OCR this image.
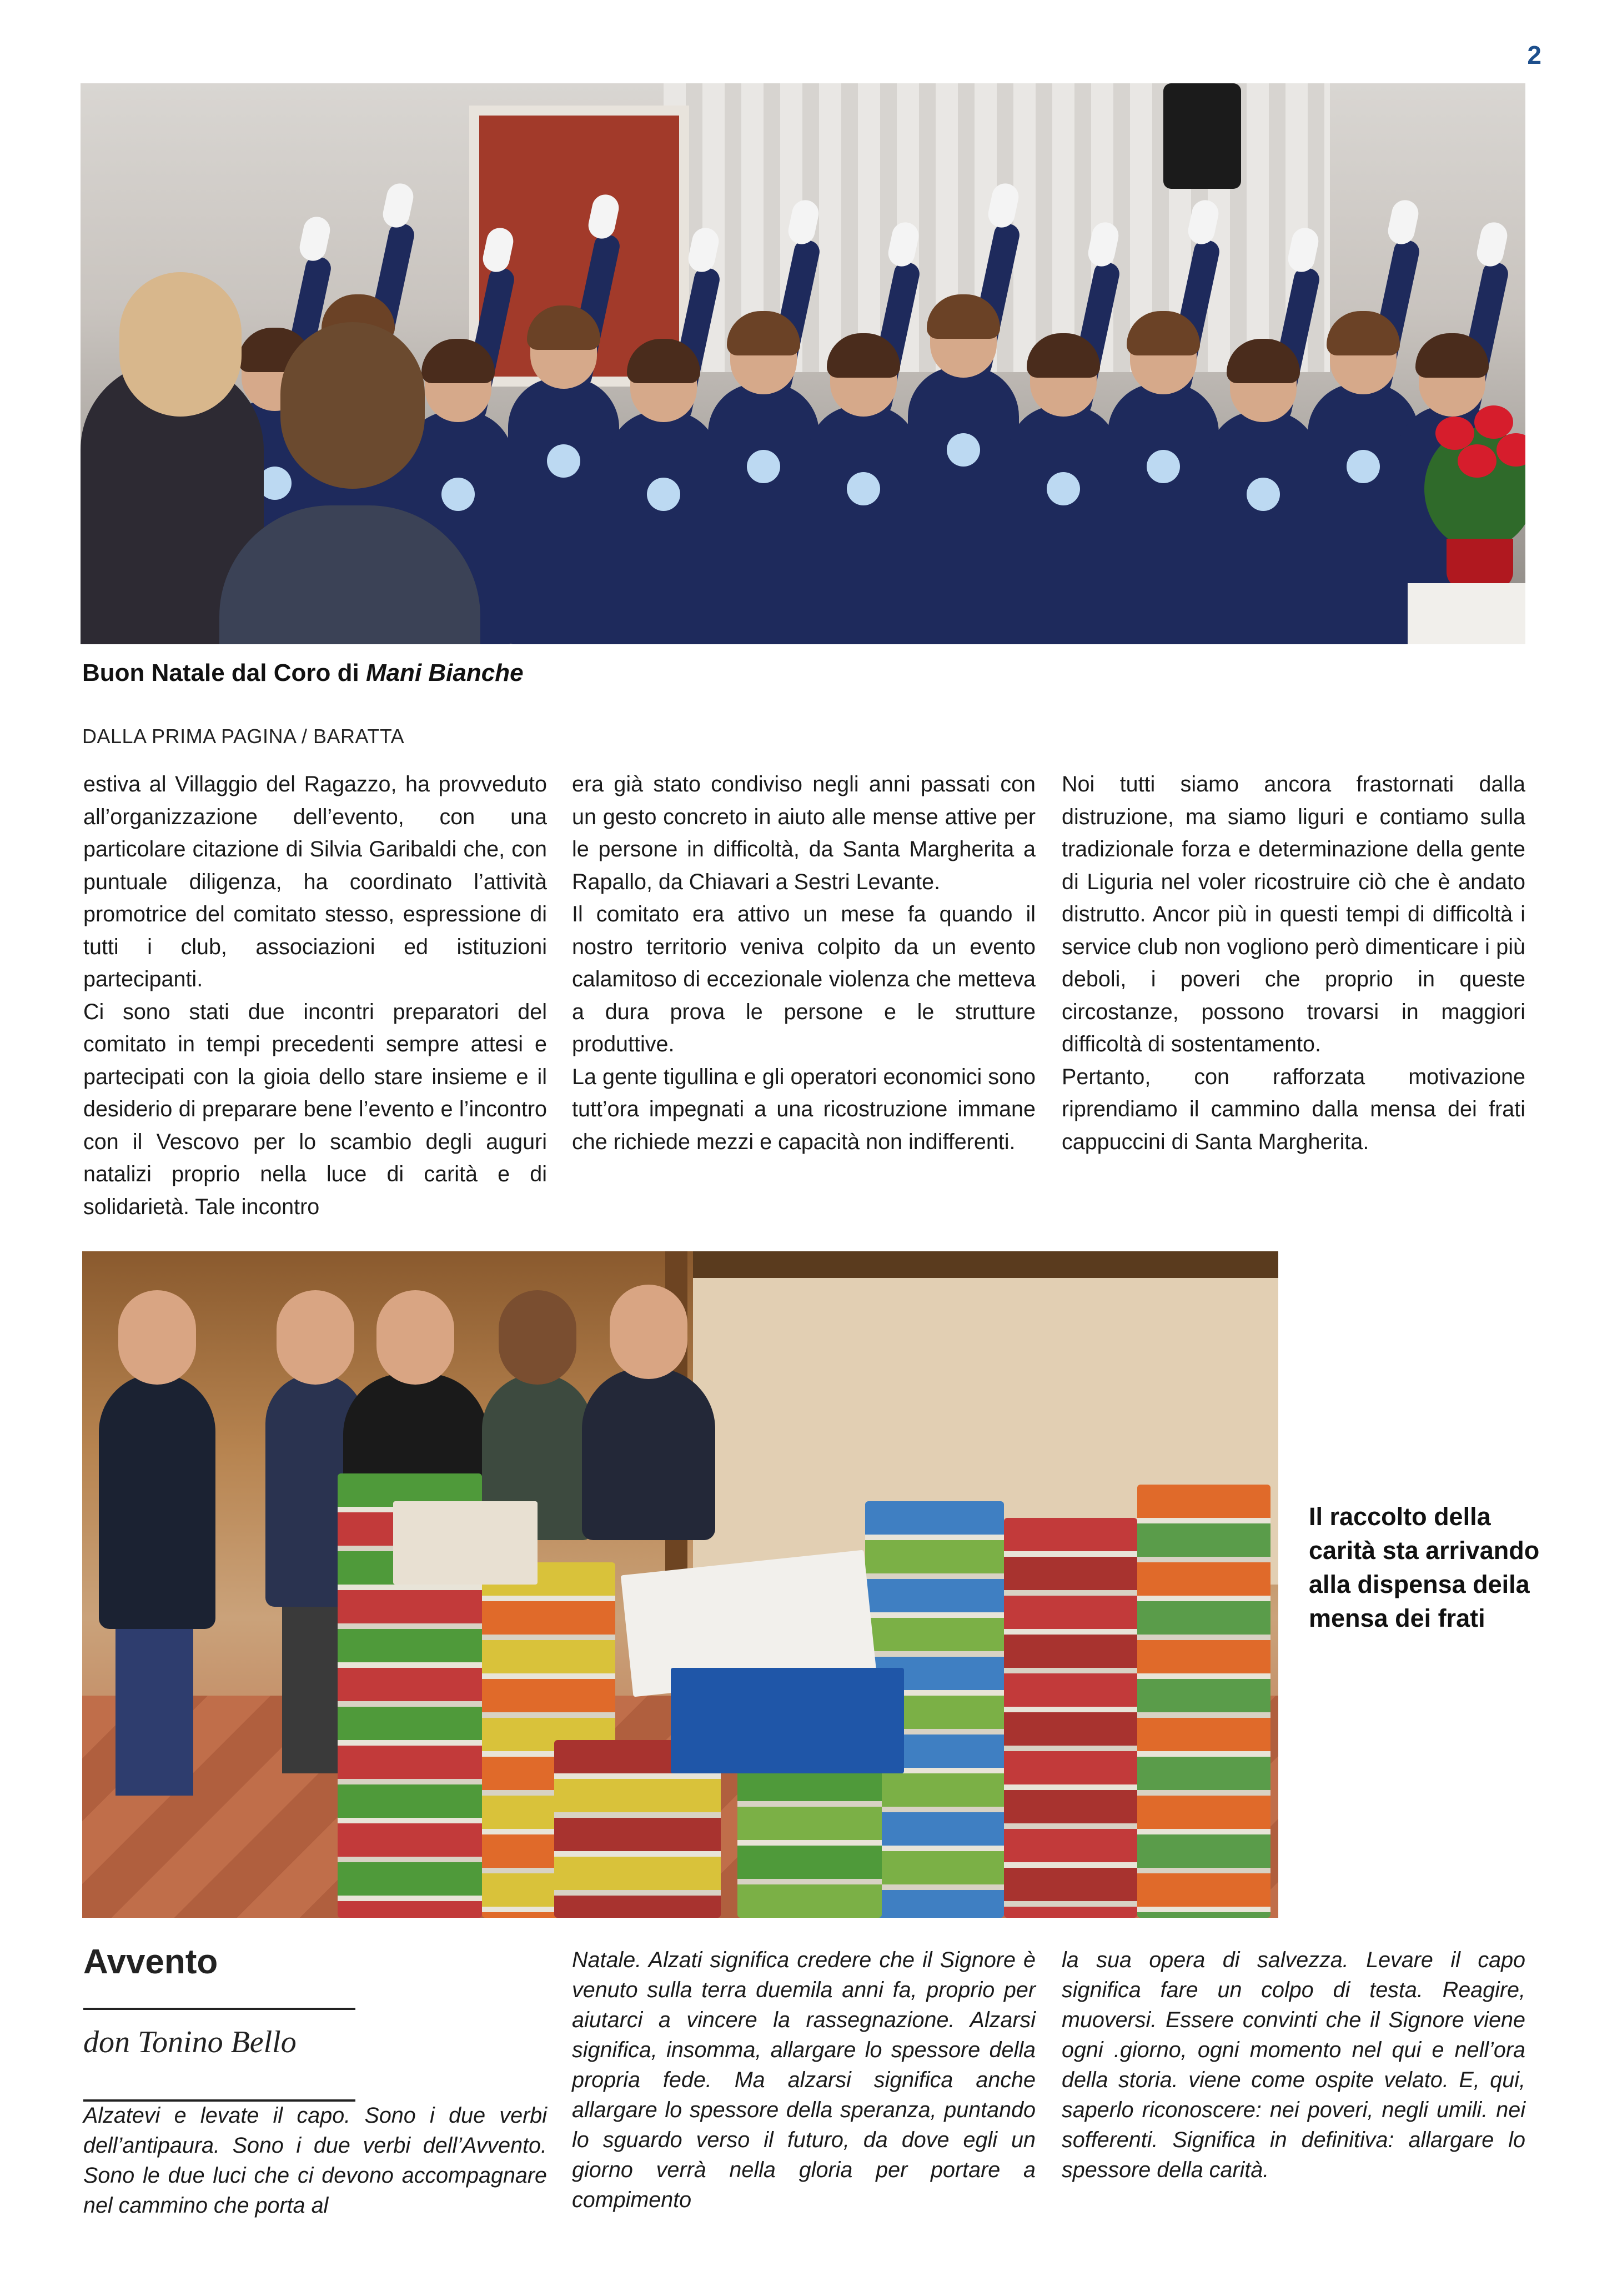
2
Buon Natale dal Coro di Mani Bianche
DALLA PRIMA PAGINA / BARATTA

estiva al Villaggio del Ragazzo, ha provveduto all’organizzazione dell’evento, con una particolare citazione di Silvia Garibaldi che, con puntuale diligenza, ha coordinato l’attività promotrice del comitato stesso, espressione di tutti i club, associazioni ed istituzioni partecipanti.

Ci sono stati due incontri preparatori del comitato in tempi precedenti sempre attesi e partecipati con la gioia dello stare insieme e il desiderio di preparare bene l’evento e l’incontro con il Vescovo per lo scambio degli auguri natalizi proprio nella luce di carità e di solidarietà. Tale incontro

era già stato condiviso negli anni passati con un gesto concreto in aiuto alle mense attive per le persone in difficoltà, da Santa Margherita a Rapallo, da Chiavari a Sestri Levante.

Il comitato era attivo un mese fa quando il nostro territorio veniva colpito da un evento calamitoso di eccezionale violenza che metteva a dura prova le persone e le strutture produttive.

La gente tigullina e gli operatori economici sono tutt’ora impegnati a una ricostruzione immane che richiede mezzi e capacità non indifferenti.

Noi tutti siamo ancora frastornati dalla distruzione, ma siamo liguri e contiamo sulla tradizionale forza e determinazione della gente di Liguria nel voler ricostruire ciò che è andato distrutto. Ancor più in questi tempi di difficoltà i service club non vogliono però dimenticare i più deboli, i poveri che proprio in queste circostanze, possono trovarsi in maggiori difficoltà di sostentamento.

Pertanto, con rafforzata motivazione riprendiamo il cammino dalla mensa dei frati cappuccini di Santa Margherita.

Il raccolto della carità sta arrivando alla dispensa deila mensa dei frati
Avvento
don Tonino Bello

Alzatevi e levate il capo. Sono i due verbi dell’antipaura. Sono i due verbi dell’Avvento. Sono le due luci che ci devono accompagnare nel cammino che porta al

Natale. Alzati significa credere che il Signore è venuto sulla terra duemila anni fa, proprio per aiutarci a vincere la rassegnazione. Alzarsi significa, insomma, allargare lo spessore della propria fede. Ma alzarsi significa anche allargare lo spessore della speranza, puntando lo sguardo verso il futuro, da dove egli un giorno verrà nella gloria per portare a compimento

la sua opera di salvezza. Levare il capo significa fare un colpo di testa. Reagire, muoversi. Essere convinti che il Signore viene ogni .giorno, ogni momento nel qui e nell’ora della storia. viene come ospite velato. E, qui, saperlo riconoscere: nei poveri, negli umili. nei sofferenti. Significa in definitiva: allargare lo spessore della carità.
